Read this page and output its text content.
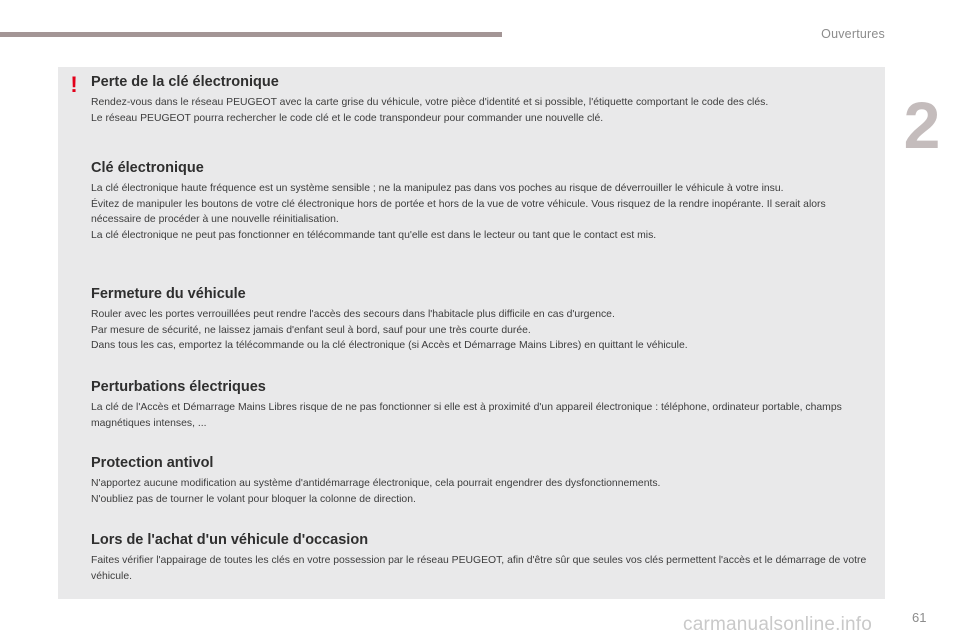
Ouvertures
2
! Perte de la clé électronique

Rendez-vous dans le réseau PEUGEOT avec la carte grise du véhicule, votre pièce d'identité et si possible, l'étiquette comportant le code des clés.

Le réseau PEUGEOT pourra rechercher le code clé et le code transpondeur pour commander une nouvelle clé.

Clé électronique

La clé électronique haute fréquence est un système sensible ; ne la manipulez pas dans vos poches au risque de déverrouiller le véhicule à votre insu.

Évitez de manipuler les boutons de votre clé électronique hors de portée et hors de la vue de votre véhicule. Vous risquez de la rendre inopérante. Il serait alors nécessaire de procéder à une nouvelle réinitialisation.

La clé électronique ne peut pas fonctionner en télécommande tant qu'elle est dans le lecteur ou tant que le contact est mis.

Fermeture du véhicule

Rouler avec les portes verrouillées peut rendre l'accès des secours dans l'habitacle plus difficile en cas d'urgence.

Par mesure de sécurité, ne laissez jamais d'enfant seul à bord, sauf pour une très courte durée.

Dans tous les cas, emportez la télécommande ou la clé électronique (si Accès et Démarrage Mains Libres) en quittant le véhicule.

Perturbations électriques

La clé de l'Accès et Démarrage Mains Libres risque de ne pas fonctionner si elle est à proximité d'un appareil électronique : téléphone, ordinateur portable, champs magnétiques intenses, ...

Protection antivol

N'apportez aucune modification au système d'antidémarrage électronique, cela pourrait engendrer des dysfonctionnements.

N'oubliez pas de tourner le volant pour bloquer la colonne de direction.

Lors de l'achat d'un véhicule d'occasion

Faites vérifier l'appairage de toutes les clés en votre possession par le réseau PEUGEOT, afin d'être sûr que seules vos clés permettent l'accès et le démarrage de votre véhicule.

carmanualsonline.info	61
